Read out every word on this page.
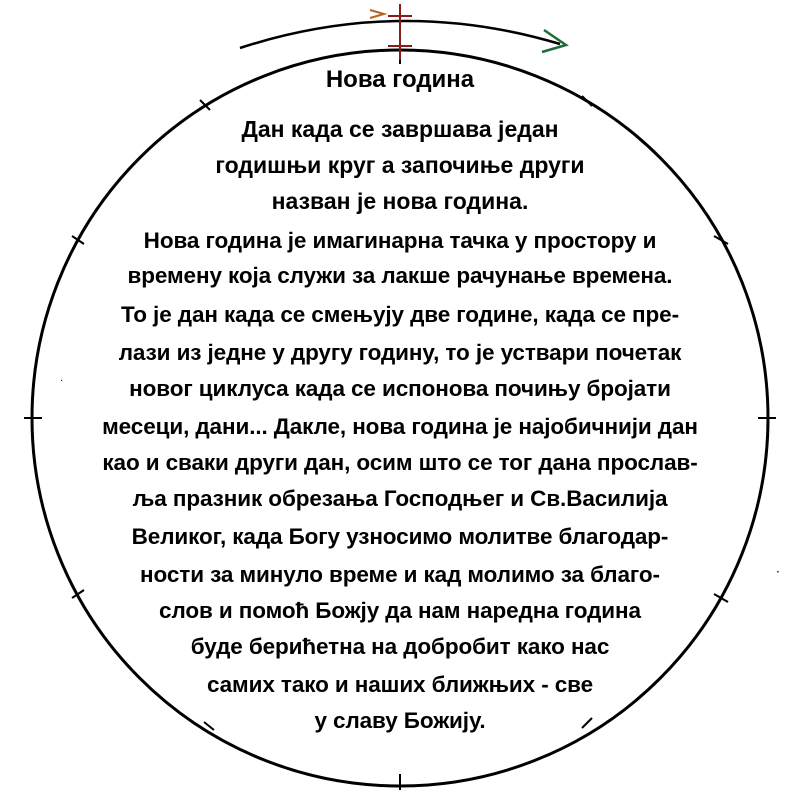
·
·
Нова година
Дан када се завршава један
годишњи круг а започиње други
назван је нова година.
Нова година је имагинарна тачка у простору и
времену која служи за лакше рачунање времена.
То је дан када се смењују две године, када се пре-
лази из једне у другу годину, то је уствари почетак
новог циклуса када се испонова почињу бројати
месеци, дани... Дакле, нова година је најобичнији дан
као и сваки други дан, осим што се тог дана прослав-
ља празник обрезања Господњег и Св.Василија
Великог, када Богу узносимо молитве благодар-
ности за минуло време и кад молимо за благо-
слов и помоћ Божју да нам наредна година
буде берићетна на добробит како нас
самих тако и наших ближњих - све
у славу Божију.
